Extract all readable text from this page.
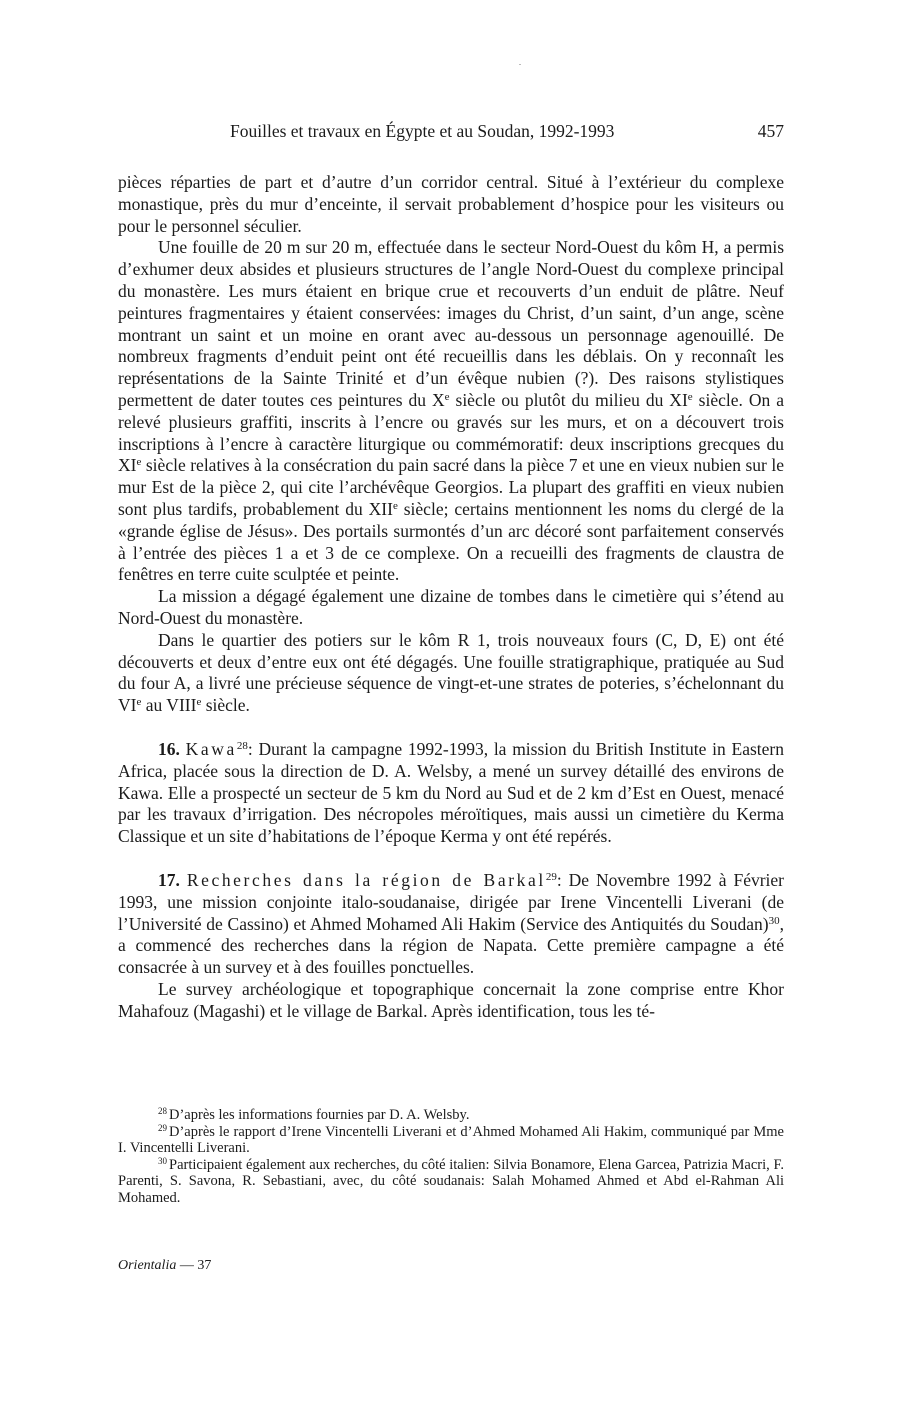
Fouilles et travaux en Égypte et au Soudan, 1992-1993	457

pièces réparties de part et d’autre d’un corridor central. Situé à l’extérieur du complexe monastique, près du mur d’enceinte, il servait probablement d’hospice pour les visiteurs ou pour le personnel séculier.

Une fouille de 20 m sur 20 m, effectuée dans le secteur Nord-Ouest du kôm H, a permis d’exhumer deux absides et plusieurs structures de l’angle Nord-Ouest du complexe principal du monastère. Les murs étaient en brique crue et recouverts d’un enduit de plâtre. Neuf peintures fragmentaires y étaient conservées: images du Christ, d’un saint, d’un ange, scène montrant un saint et un moine en orant avec au-dessous un personnage agenouillé. De nombreux fragments d’enduit peint ont été recueillis dans les déblais. On y reconnaît les représentations de la Sainte Trinité et d’un évêque nubien (?). Des raisons stylistiques permettent de dater toutes ces peintures du Xe siècle ou plutôt du milieu du XIe siècle. On a relevé plusieurs graffiti, inscrits à l’encre ou gravés sur les murs, et on a découvert trois inscriptions à l’encre à caractère liturgique ou commémoratif: deux inscriptions grecques du XIe siècle relatives à la consécration du pain sacré dans la pièce 7 et une en vieux nubien sur le mur Est de la pièce 2, qui cite l’archévêque Georgios. La plupart des graffiti en vieux nubien sont plus tardifs, probablement du XIIe siècle; certains mentionnent les noms du clergé de la «grande église de Jésus». Des portails surmontés d’un arc décoré sont parfaitement conservés à l’entrée des pièces 1 a et 3 de ce complexe. On a recueilli des fragments de claustra de fenêtres en terre cuite sculptée et peinte.

La mission a dégagé également une dizaine de tombes dans le cimetière qui s’étend au Nord-Ouest du monastère.

Dans le quartier des potiers sur le kôm R 1, trois nouveaux fours (C, D, E) ont été découverts et deux d’entre eux ont été dégagés. Une fouille stratigraphique, pratiquée au Sud du four A, a livré une précieuse séquence de vingt-et-une strates de poteries, s’échelonnant du VIe au VIIIe siècle.

16. Kawa$^{28}$: Durant la campagne 1992-1993, la mission du British Institute in Eastern Africa, placée sous la direction de D. A. Welsby, a mené un survey détaillé des environs de Kawa. Elle a prospecté un secteur de 5 km du Nord au Sud et de 2 km d’Est en Ouest, menacé par les travaux d’irrigation. Des nécropoles méroïtiques, mais aussi un cimetière du Kerma Classique et un site d’habitations de l’époque Kerma y ont été repérés.

17. Recherches dans la région de Barkal$^{29}$: De Novembre 1992 à Février 1993, une mission conjointe italo-soudanaise, dirigée par Irene Vincentelli Liverani (de l’Université de Cassino) et Ahmed Mohamed Ali Hakim (Service des Antiquités du Soudan)$^{30}$, a commencé des recherches dans la région de Napata. Cette première campagne a été consacrée à un survey et à des fouilles ponctuelles.

Le survey archéologique et topographique concernait la zone comprise entre Khor Mahafouz (Magashi) et le village de Barkal. Après identification, tous les té-

$^{28}$ D’après les informations fournies par D. A. Welsby.

$^{29}$ D’après le rapport d’Irene Vincentelli Liverani et d’Ahmed Mohamed Ali Hakim, communiqué par Mme I. Vincentelli Liverani.

$^{30}$ Participaient également aux recherches, du côté italien: Silvia Bonamore, Elena Garcea, Patrizia Macri, F. Parenti, S. Savona, R. Sebastiani, avec, du côté soudanais: Salah Mohamed Ahmed et Abd el-Rahman Ali Mohamed.

Orientalia — 37
